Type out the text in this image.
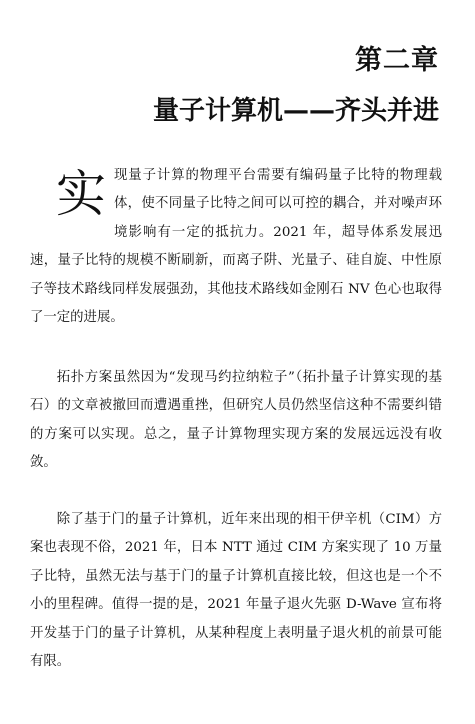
第二章
量子计算机——齐头并进

实 现量子计算的物理平台需要有编码量子比特的物理载体，使不同量子比特之间可以可控的耦合，并对噪声环境影响有一定的抵抗力。2021 年，超导体系发展迅速，量子比特的规模不断刷新，而离子阱、光量子、硅自旋、中性原子等技术路线同样发展强劲，其他技术路线如金刚石 NV 色心也取得了一定的进展。

拓扑方案虽然因为“发现马约拉纳粒子”（拓扑量子计算实现的基石）的文章被撤回而遭遇重挫，但研究人员仍然坚信这种不需要纠错的方案可以实现。总之，量子计算物理实现方案的发展远远没有收敛。

除了基于门的量子计算机，近年来出现的相干伊辛机（CIM）方案也表现不俗，2021 年，日本 NTT 通过 CIM 方案实现了 10 万量子比特，虽然无法与基于门的量子计算机直接比较，但这也是一个不小的里程碑。值得一提的是，2021 年量子退火先驱 D-Wave 宣布将开发基于门的量子计算机，从某种程度上表明量子退火机的前景可能有限。
